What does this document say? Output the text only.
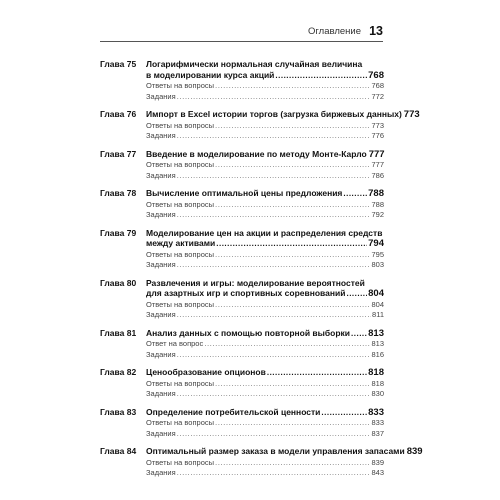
Оглавление 13
Глава 75	Логарифмически нормальная случайная величина
в моделировании курса акций .....	768
Ответы на вопросы .....	768
Задания .....	772
Глава 76	Импорт в Excel истории торгов (загрузка биржевых данных) 773
Ответы на вопросы .....	773
Задания .....	776
Глава 77	Введение в моделирование по методу Монте-Карло 777
Ответы на вопросы .....	777
Задания .....	786
Глава 78	Вычисление оптимальной цены предложения .....	788
Ответы на вопросы .....	788
Задания .....	792
Глава 79	Моделирование цен на акции и распределения средств
между активами .....	794
Ответы на вопросы .....	795
Задания .....	803
Глава 80	Развлечения и игры: моделирование вероятностей
для азартных игр и спортивных соревнований ..... 804
Ответы на вопросы .....	804
Задания .....	811
Глава 81	Анализ данных с помощью повторной выборки ..... 813
Ответ на вопрос .....	813
Задания .....	816
Глава 82	Ценообразование опционов .....	818
Ответы на вопросы .....	818
Задания .....	830
Глава 83	Определение потребительской ценности .....	833
Ответы на вопросы .....	833
Задания .....	837
Глава 84	Оптимальный размер заказа в модели управления запасами 839
Ответы на вопросы .....	839
Задания .....	843
